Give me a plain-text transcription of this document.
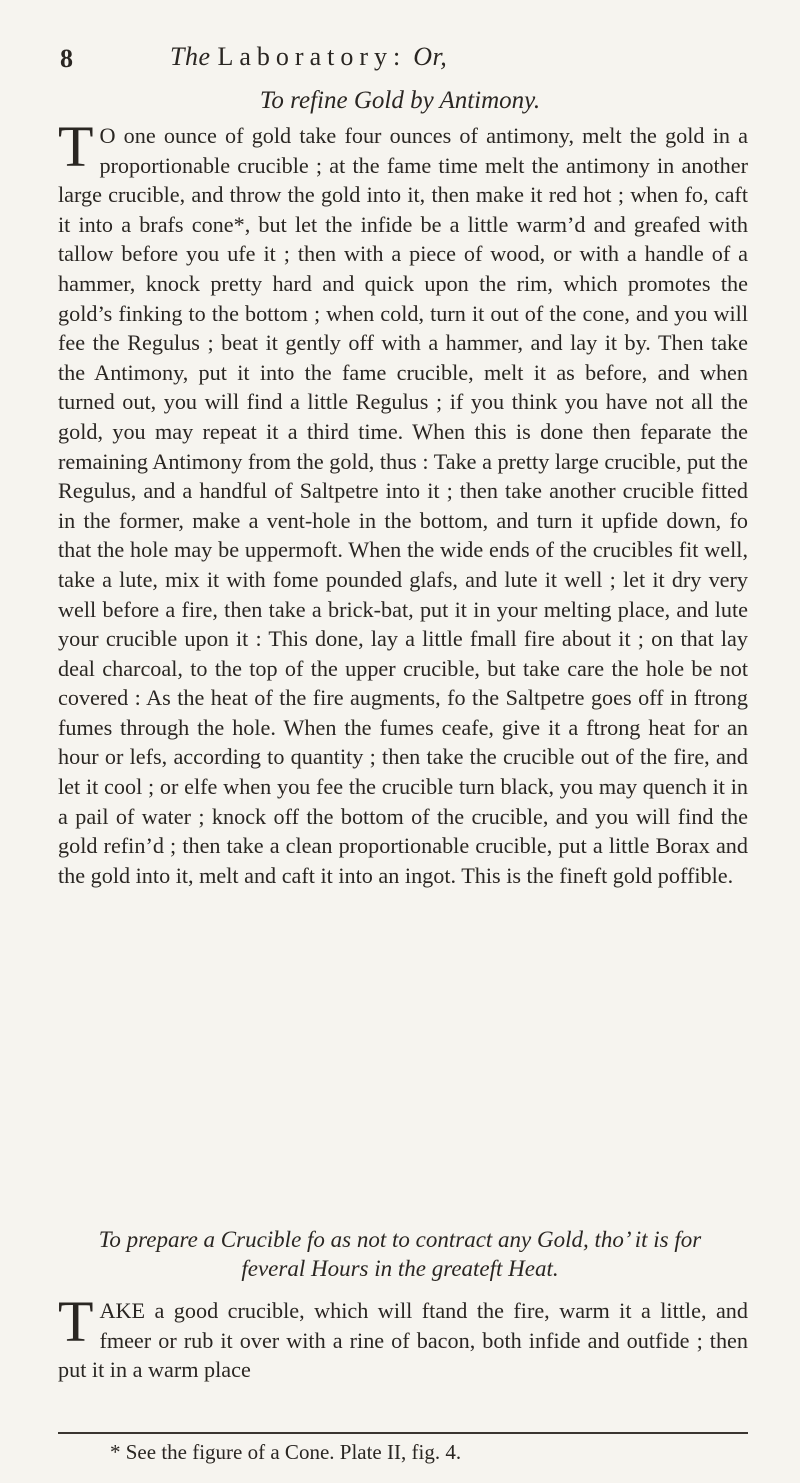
8	The Laboratory: Or,
To refine Gold by Antimony.
T O one ounce of gold take four ounces of antimony, melt the gold in a proportionable crucible ; at the fame time melt the antimony in another large crucible, and throw the gold into it, then make it red hot ; when fo, caft it into a brafs cone*, but let the infide be a little warm’d and greafed with tallow before you ufe it ; then with a piece of wood, or with a handle of a hammer, knock pretty hard and quick upon the rim, which promotes the gold’s finking to the bottom ; when cold, turn it out of the cone, and you will fee the Regulus ; beat it gently off with a hammer, and lay it by. Then take the Antimony, put it into the fame crucible, melt it as before, and when turned out, you will find a little Regulus ; if you think you have not all the gold, you may repeat it a third time. When this is done then feparate the remaining Antimony from the gold, thus : Take a pretty large crucible, put the Regulus, and a handful of Saltpetre into it ; then take another crucible fitted in the former, make a vent-hole in the bottom, and turn it upfide down, fo that the hole may be uppermoft. When the wide ends of the crucibles fit well, take a lute, mix it with fome pounded glafs, and lute it well ; let it dry very well before a fire, then take a brick-bat, put it in your melting place, and lute your crucible upon it : This done, lay a little fmall fire about it ; on that lay deal charcoal, to the top of the upper crucible, but take care the hole be not covered : As the heat of the fire augments, fo the Saltpetre goes off in ftrong fumes through the hole. When the fumes ceafe, give it a ftrong heat for an hour or lefs, according to quantity ; then take the crucible out of the fire, and let it cool ; or elfe when you fee the crucible turn black, you may quench it in a pail of water ; knock off the bottom of the crucible, and you will find the gold refin’d ; then take a clean proportionable crucible, put a little Borax and the gold into it, melt and caft it into an ingot. This is the fineft gold poffible.

To prepare a Crucible fo as not to contract any Gold, tho’ it is for
feveral Hours in the greateft Heat.
T AKE a good crucible, which will ftand the fire, warm it a little, and fmeer or rub it over with a rine of bacon, both infide and outfide ; then put it in a warm place

* See the figure of a Cone. Plate II, fig. 4.
